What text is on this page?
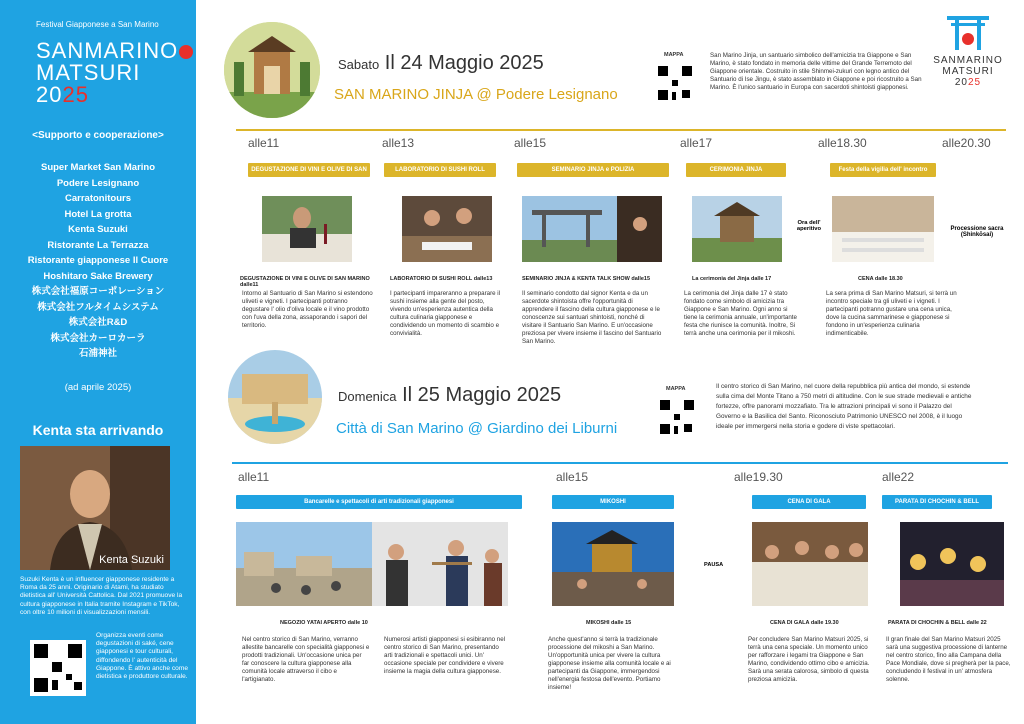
Festival Giapponese a San Marino
SANMARINO
MATSURI
2025
<Supporto e cooperazione>
Super Market San Marino
Podere Lesignano
Carratonitours
Hotel La grotta
Kenta Suzuki
Ristorante La Terrazza
Ristorante giapponese Il Cuore
Hoshitaro Sake Brewery
株式会社福原コーポレーション
株式会社フルタイムシステム
株式会社R&D
株式会社カーロカーラ
石浦神社
(ad aprile 2025)
Kenta sta arrivando
Kenta Suzuki
Suzuki Kenta è un influencer giapponese residente a Roma da 25 anni. Originario di Atami, ha studiato dietistica all' Università Cattolica. Dal 2021 promuove la cultura giapponese in Italia tramite Instagram e TikTok, con oltre 10 milioni di visualizzazioni mensili.
Organizza eventi come degustazioni di saké, cene giapponesi e tour culturali, diffondendo l' autenticità del Giappone. È attivo anche come dietistica e produttore culturale.
SANMARINO
MATSURI 2025
Sabato Il 24 Maggio 2025
SAN MARINO JINJA @ Podere Lesignano
MAPPA	San Marino Jinja, un santuario simbolico dell'amicizia tra Giappone e San Marino, è stato fondato in memoria delle vittime del Grande Terremoto del Giappone orientale. Costruito in stile Shinmei-zukuri con legno antico del Santuario di Ise Jingu, è stato assemblato in Giappone e poi ricostruito a San Marino. È l'unico santuario in Europa con sacerdoti shintoisti giapponesi.
alle11	alle13	alle15	alle17	alle18.30	alle20.30
DEGUSTAZIONE DI VINI E OLIVE DI SAN MARINO
LABORATORIO DI SUSHI ROLL	SEMINARIO JINJA e POLIZIA	CERIMONIA JINJA	Festa della vigilia dell' incontro
Ora dell' aperitivo	Processione sacra (Shinkōsai)
DEGUSTAZIONE DI VINI E OLIVE DI SAN MARINO dalle11
LABORATORIO DI SUSHI ROLL dalle13	SEMINARIO JINJA & KENTA TALK SHOW dalle15	La cerimonia del Jinja dalle 17	CENA dalle 18.30
Intorno al Santuario di San Marino si estendono uliveti e vigneti. I partecipanti potranno degustare l' olio d'oliva locale e il vino prodotto con l'uva della zona, assaporando i sapori del territorio.
I partecipanti impareranno a preparare il sushi insieme alla gente del posto, vivendo un'esperienza autentica della cultura culinaria giapponese e condividendo un momento di scambio e convivialità.
Il seminario condotto dal signor Kenta e da un sacerdote shintoista offre l'opportunità di apprendere il fascino della cultura giapponese e le conoscenze sui santuari shintoisti, nonché di visitare il Santuario San Marino. E un'occasione preziosa per vivere insieme il fascino del Santuario San Marino.
La cerimonia del Jinja dalle 17 è stato fondato come simbolo di amicizia tra Giappone e San Marino. Ogni anno si tiene la cerimonia annuale, un'importante festa che riunisce la comunità. Inoltre, Si terrà anche una cerimonia per il mikoshi.
La sera prima di San Marino Matsuri, si terrà un incontro speciale tra gli uliveti e i vigneti. I partecipanti potranno gustare una cena unica, dove la cucina sammarinese e giapponese si fondono in un'esperienza culinaria indimenticabile.
Domenica Il 25 Maggio 2025
Città di San Marino @ Giardino dei Liburni
MAPPA	Il centro storico di San Marino, nel cuore della repubblica più antica del mondo, si estende sulla cima del Monte Titano a 750 metri di altitudine. Con le sue strade medievali e antiche fortezze, offre panorami mozzafiato. Tra le attrazioni principali vi sono il Palazzo del Governo e la Basilica del Santo. Riconosciuto Patrimonio UNESCO nel 2008, è il luogo ideale per immergersi nella storia e godere di viste spettacolari.
alle11	alle15	alle19.30	alle22
Bancarelle e spettacoli di arti tradizionali giapponesi	MIKOSHI	CENA DI GALA	PARATA DI CHOCHIN & BELL
PAUSA
NEGOZIO YATAI APERTO dalle 10	MIKOSHI dalle 15	CENA DI GALA dalle 19.30	PARATA DI CHOCHIN & BELL dalle 22
Nel centro storico di San Marino, verranno allestite bancarelle con specialità giapponesi e prodotti tradizionali. Un'occasione unica per far conoscere la cultura giapponese alla comunità locale attraverso il cibo e l'artigianato.
Numerosi artisti giapponesi si esibiranno nel centro storico di San Marino, presentando arti tradizionali e spettacoli unici. Un' occasione speciale per condividere e vivere insieme la magia della cultura giapponese.
Anche quest'anno si terrà la tradizionale processione del mikoshi a San Marino. Un'opportunità unica per vivere la cultura giapponese insieme alla comunità locale e ai partecipanti da Giappone, immergendosi nell'energia festosa dell'evento. Portiamo insieme!
Per concludere San Marino Matsuri 2025, si terrà una cena speciale. Un momento unico per rafforzare i legami tra Giappone e San Marino, condividendo ottimo cibo e amicizia. Sarà una serata calorosa, simbolo di questa preziosa amicizia.
Il gran finale del San Marino Matsuri 2025 sarà una suggestiva processione di lanterne nel centro storico, fino alla Campana della Pace Mondiale, dove si pregherà per la pace, concludendo il festival in un' atmosfera solenne.
